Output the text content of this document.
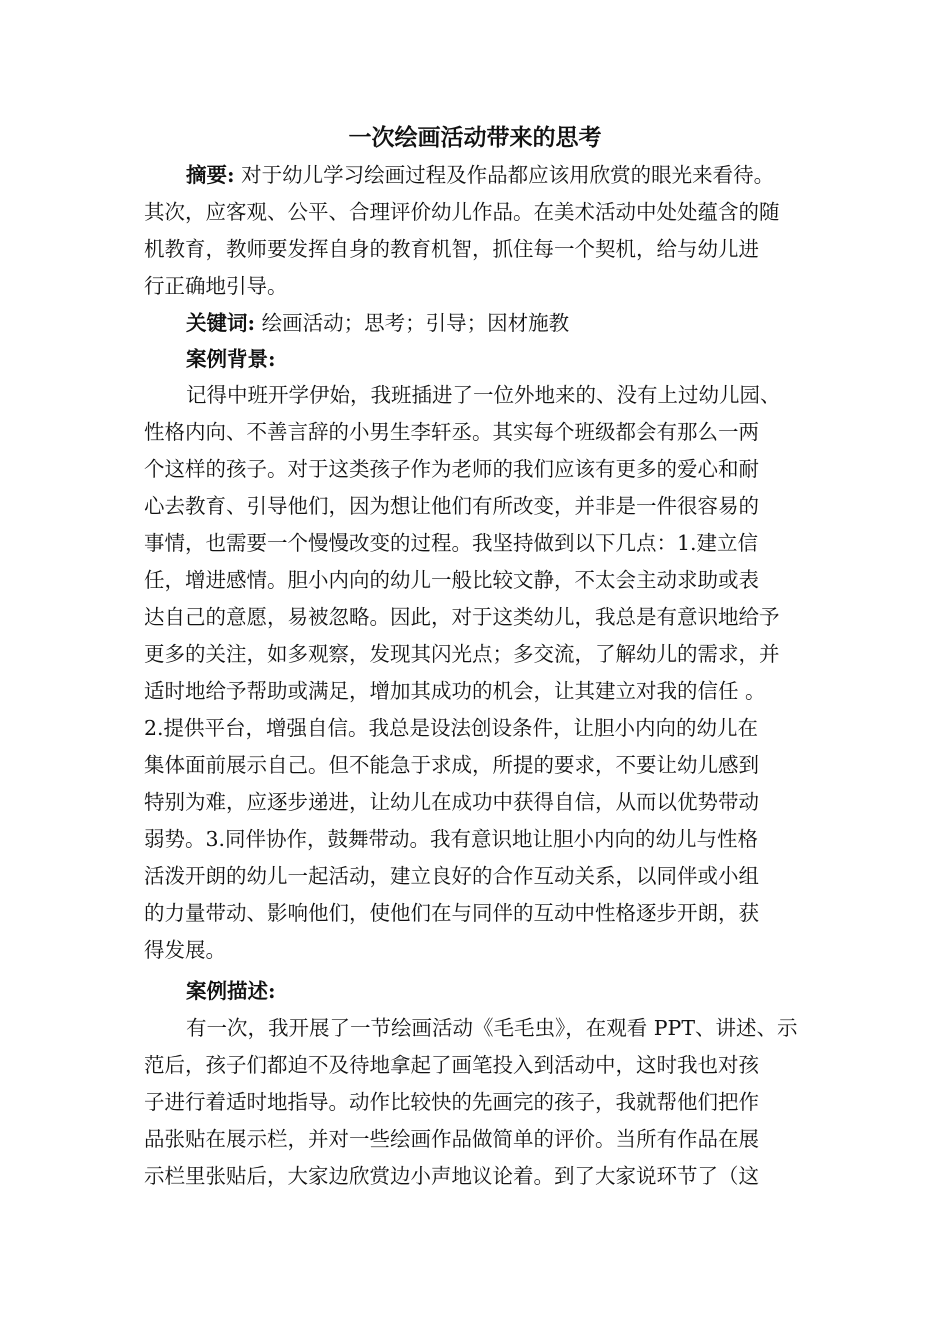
一次绘画活动带来的思考
摘要: 对于幼儿学习绘画过程及作品都应该用欣赏的眼光来看待。
其次，应客观、公平、合理评价幼儿作品。在美术活动中处处蕴含的随
机教育，教师要发挥自身的教育机智，抓住每一个契机，给与幼儿进
行正确地引导。
关键词: 绘画活动；思考；引导；因材施教
案例背景:
记得中班开学伊始，我班插进了一位外地来的、没有上过幼儿园、
性格内向、不善言辞的小男生李轩丞。其实每个班级都会有那么一两
个这样的孩子。对于这类孩子作为老师的我们应该有更多的爱心和耐
心去教育、引导他们，因为想让他们有所改变，并非是一件很容易的
事情，也需要一个慢慢改变的过程。我坚持做到以下几点：1.建立信
任，增进感情。胆小内向的幼儿一般比较文静，不太会主动求助或表
达自己的意愿，易被忽略。因此，对于这类幼儿，我总是有意识地给予
更多的关注，如多观察，发现其闪光点；多交流，了解幼儿的需求，并
适时地给予帮助或满足，增加其成功的机会，让其建立对我的信任 。
2.提供平台，增强自信。我总是设法创设条件，让胆小内向的幼儿在
集体面前展示自己。但不能急于求成，所提的要求，不要让幼儿感到
特别为难，应逐步递进，让幼儿在成功中获得自信，从而以优势带动
弱势。3.同伴协作，鼓舞带动。我有意识地让胆小内向的幼儿与性格
活泼开朗的幼儿一起活动，建立良好的合作互动关系，以同伴或小组
的力量带动、影响他们，使他们在与同伴的互动中性格逐步开朗，获
得发展。
案例描述:
有一次，我开展了一节绘画活动《毛毛虫》，在观看 PPT、讲述、示
范后，孩子们都迫不及待地拿起了画笔投入到活动中，这时我也对孩
子进行着适时地指导。动作比较快的先画完的孩子，我就帮他们把作
品张贴在展示栏，并对一些绘画作品做简单的评价。当所有作品在展
示栏里张贴后，大家边欣赏边小声地议论着。到了大家说环节了（这
